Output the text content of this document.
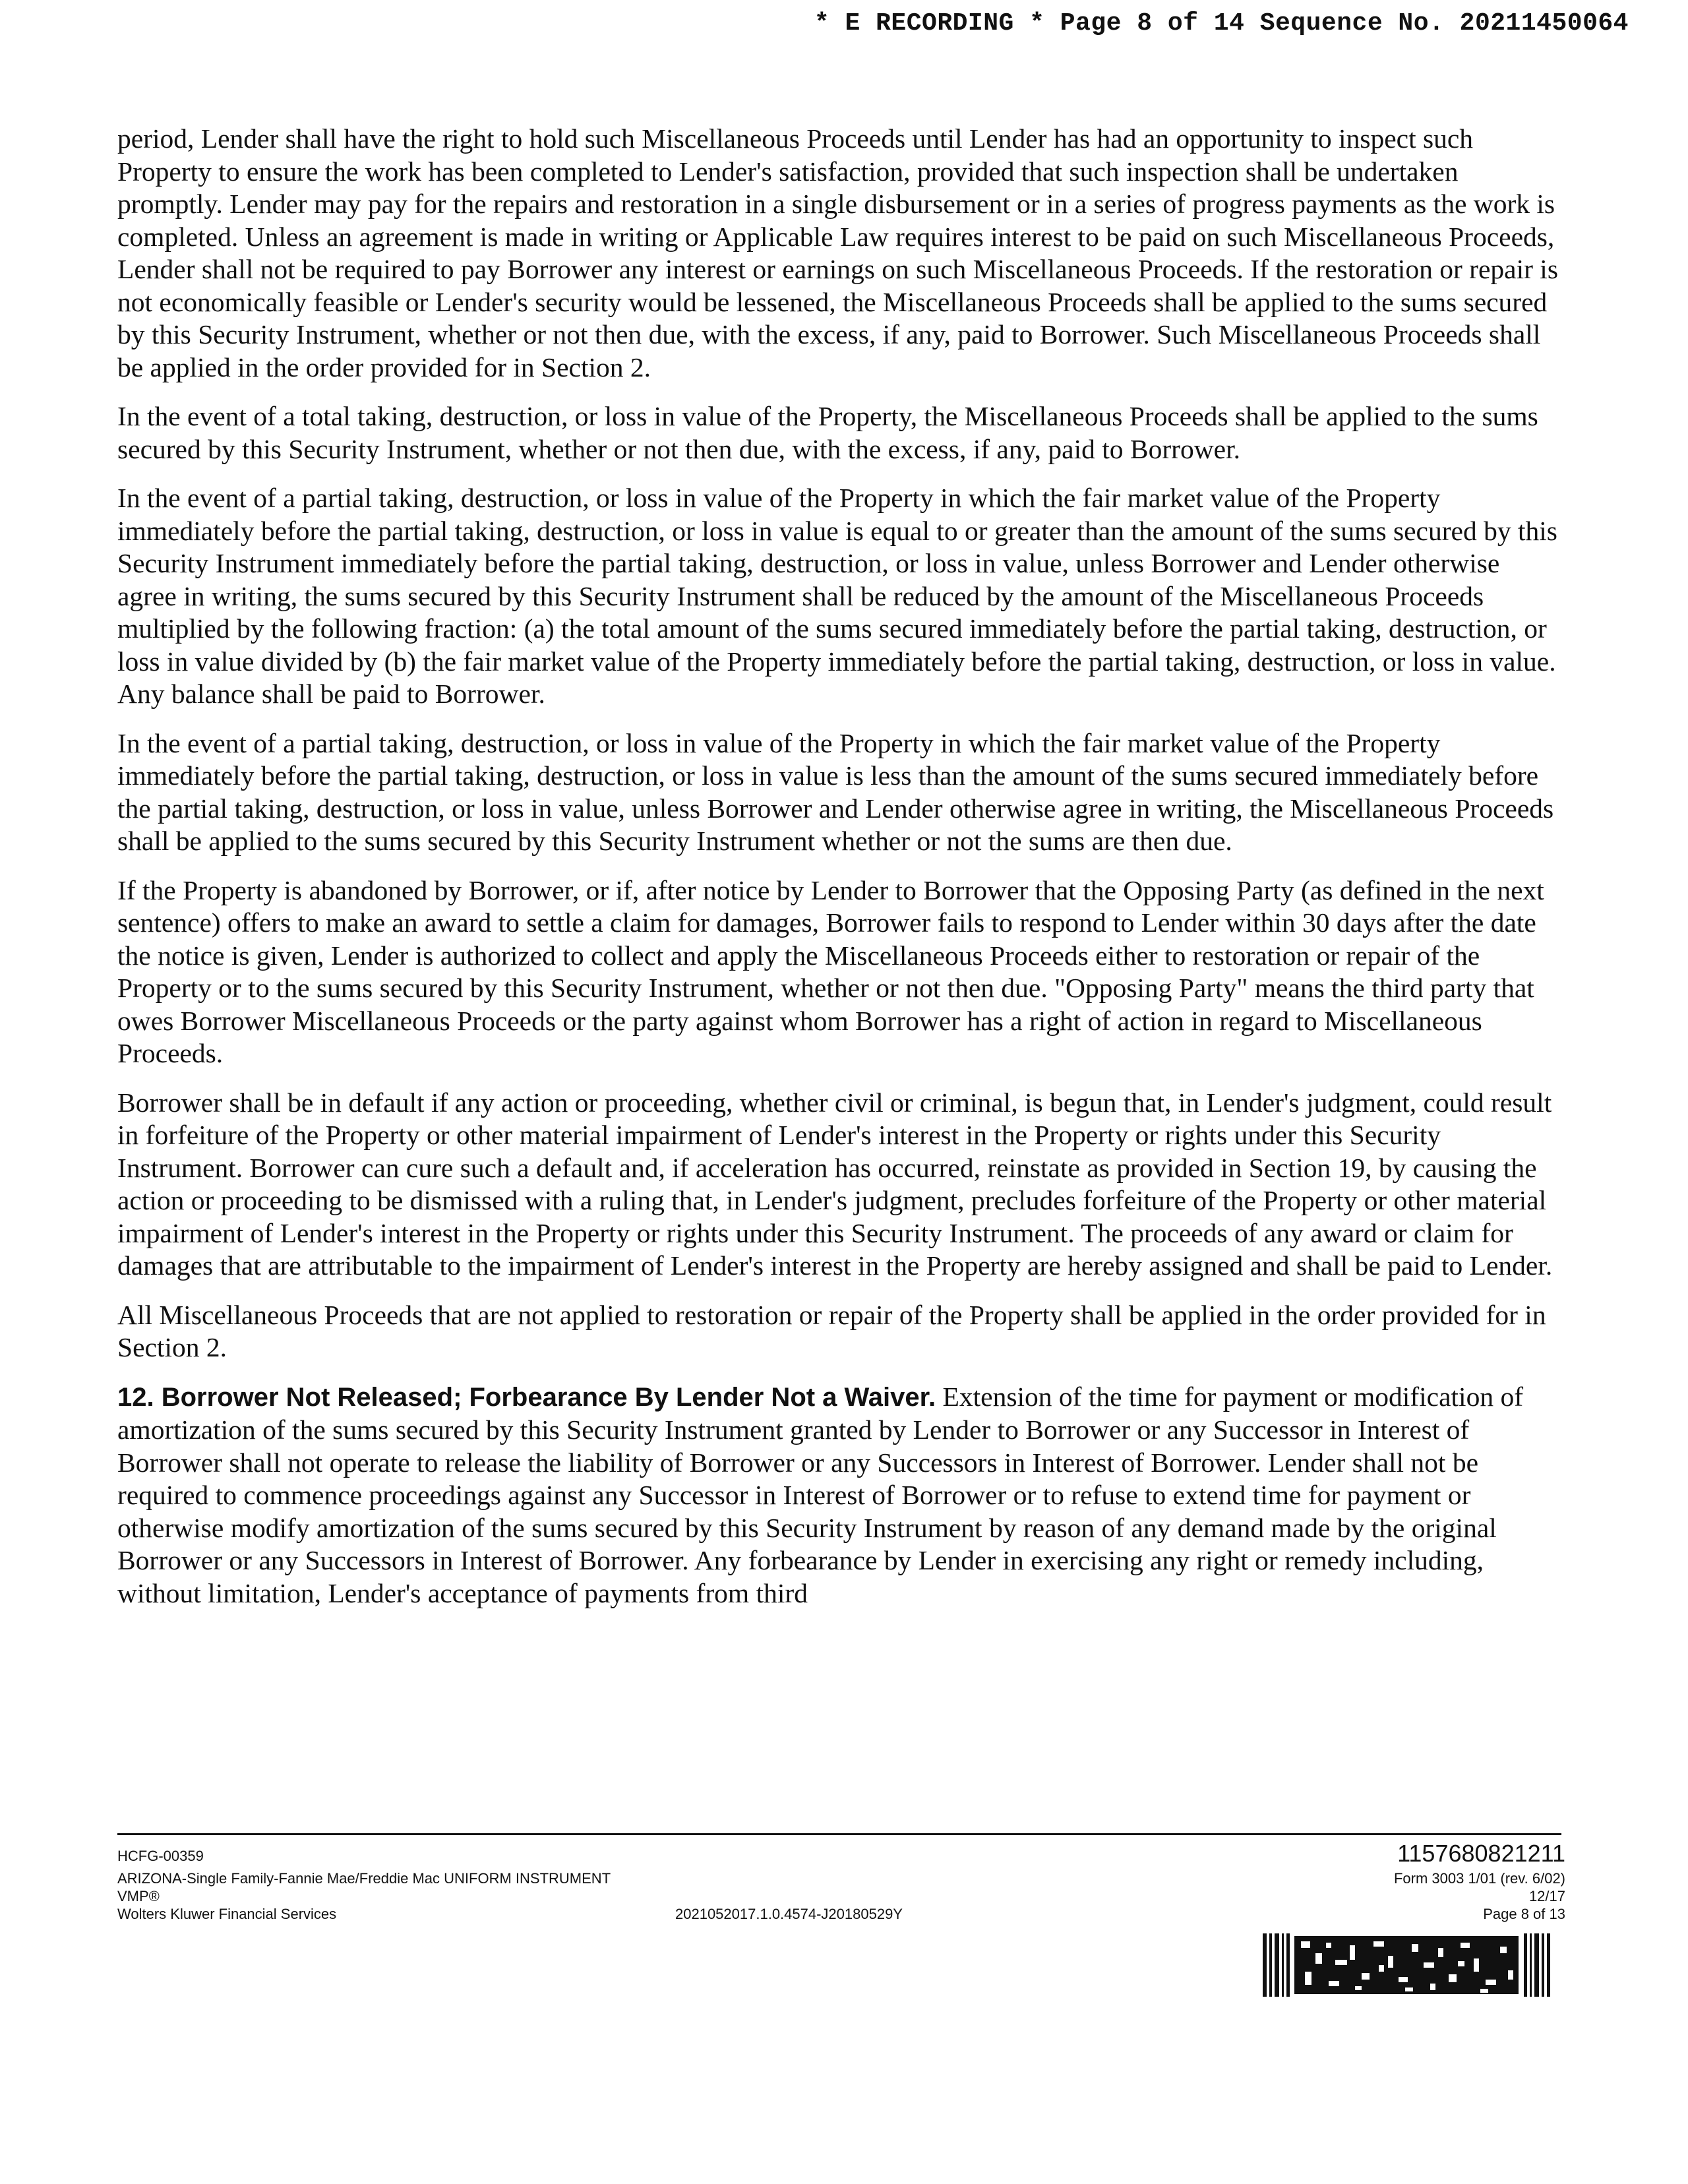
* E RECORDING * Page 8 of 14 Sequence No. 20211450064

period, Lender shall have the right to hold such Miscellaneous Proceeds until Lender has had an opportunity to inspect such Property to ensure the work has been completed to Lender's satisfaction, provided that such inspection shall be undertaken promptly. Lender may pay for the repairs and restoration in a single disbursement or in a series of progress payments as the work is completed. Unless an agreement is made in writing or Applicable Law requires interest to be paid on such Miscellaneous Proceeds, Lender shall not be required to pay Borrower any interest or earnings on such Miscellaneous Proceeds. If the restoration or repair is not economically feasible or Lender's security would be lessened, the Miscellaneous Proceeds shall be applied to the sums secured by this Security Instrument, whether or not then due, with the excess, if any, paid to Borrower. Such Miscellaneous Proceeds shall be applied in the order provided for in Section 2.

In the event of a total taking, destruction, or loss in value of the Property, the Miscellaneous Proceeds shall be applied to the sums secured by this Security Instrument, whether or not then due, with the excess, if any, paid to Borrower.

In the event of a partial taking, destruction, or loss in value of the Property in which the fair market value of the Property immediately before the partial taking, destruction, or loss in value is equal to or greater than the amount of the sums secured by this Security Instrument immediately before the partial taking, destruction, or loss in value, unless Borrower and Lender otherwise agree in writing, the sums secured by this Security Instrument shall be reduced by the amount of the Miscellaneous Proceeds multiplied by the following fraction: (a) the total amount of the sums secured immediately before the partial taking, destruction, or loss in value divided by (b) the fair market value of the Property immediately before the partial taking, destruction, or loss in value. Any balance shall be paid to Borrower.

In the event of a partial taking, destruction, or loss in value of the Property in which the fair market value of the Property immediately before the partial taking, destruction, or loss in value is less than the amount of the sums secured immediately before the partial taking, destruction, or loss in value, unless Borrower and Lender otherwise agree in writing, the Miscellaneous Proceeds shall be applied to the sums secured by this Security Instrument whether or not the sums are then due.

If the Property is abandoned by Borrower, or if, after notice by Lender to Borrower that the Opposing Party (as defined in the next sentence) offers to make an award to settle a claim for damages, Borrower fails to respond to Lender within 30 days after the date the notice is given, Lender is authorized to collect and apply the Miscellaneous Proceeds either to restoration or repair of the Property or to the sums secured by this Security Instrument, whether or not then due. "Opposing Party" means the third party that owes Borrower Miscellaneous Proceeds or the party against whom Borrower has a right of action in regard to Miscellaneous Proceeds.

Borrower shall be in default if any action or proceeding, whether civil or criminal, is begun that, in Lender's judgment, could result in forfeiture of the Property or other material impairment of Lender's interest in the Property or rights under this Security Instrument. Borrower can cure such a default and, if acceleration has occurred, reinstate as provided in Section 19, by causing the action or proceeding to be dismissed with a ruling that, in Lender's judgment, precludes forfeiture of the Property or other material impairment of Lender's interest in the Property or rights under this Security Instrument. The proceeds of any award or claim for damages that are attributable to the impairment of Lender's interest in the Property are hereby assigned and shall be paid to Lender.

All Miscellaneous Proceeds that are not applied to restoration or repair of the Property shall be applied in the order provided for in Section 2.

12. Borrower Not Released; Forbearance By Lender Not a Waiver. Extension of the time for payment or modification of amortization of the sums secured by this Security Instrument granted by Lender to Borrower or any Successor in Interest of Borrower shall not operate to release the liability of Borrower or any Successors in Interest of Borrower. Lender shall not be required to commence proceedings against any Successor in Interest of Borrower or to refuse to extend time for payment or otherwise modify amortization of the sums secured by this Security Instrument by reason of any demand made by the original Borrower or any Successors in Interest of Borrower. Any forbearance by Lender in exercising any right or remedy including, without limitation, Lender's acceptance of payments from third

HCFG-00359
ARIZONA-Single Family-Fannie Mae/Freddie Mac UNIFORM INSTRUMENT
VMP®
Wolters Kluwer Financial Services	2021052017.1.0.4574-J20180529Y
1157680821211
Form 3003 1/01 (rev. 6/02)
12/17
Page 8 of 13
